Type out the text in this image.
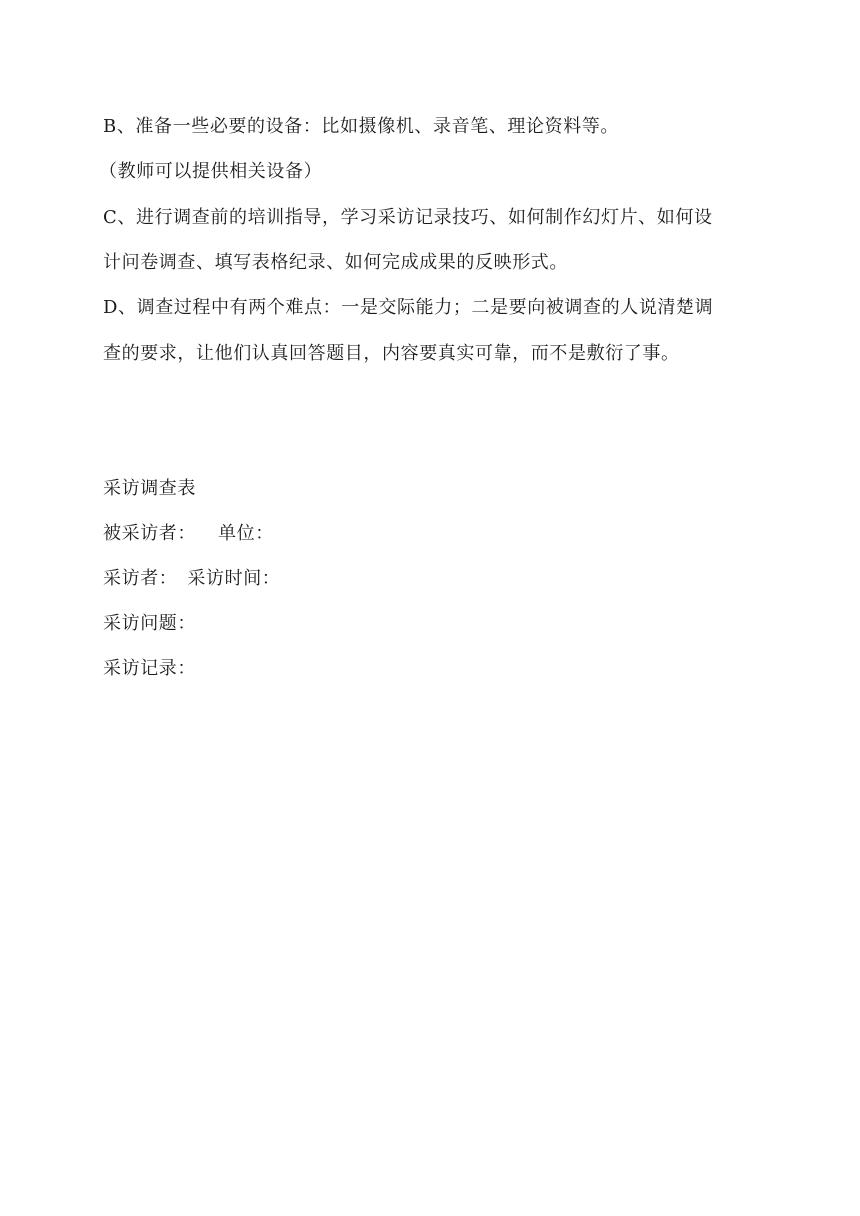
B、准备一些必要的设备：比如摄像机、录音笔、理论资料等。
（教师可以提供相关设备）
C、进行调查前的培训指导，学习采访记录技巧、如何制作幻灯片、如何设
计问卷调查、填写表格纪录、如何完成成果的反映形式。
D、调查过程中有两个难点：一是交际能力；二是要向被调查的人说清楚调
查的要求，让他们认真回答题目，内容要真实可靠，而不是敷衍了事。
采访调查表
被采访者： 单位：
采访者： 采访时间：
采访问题：
采访记录：
